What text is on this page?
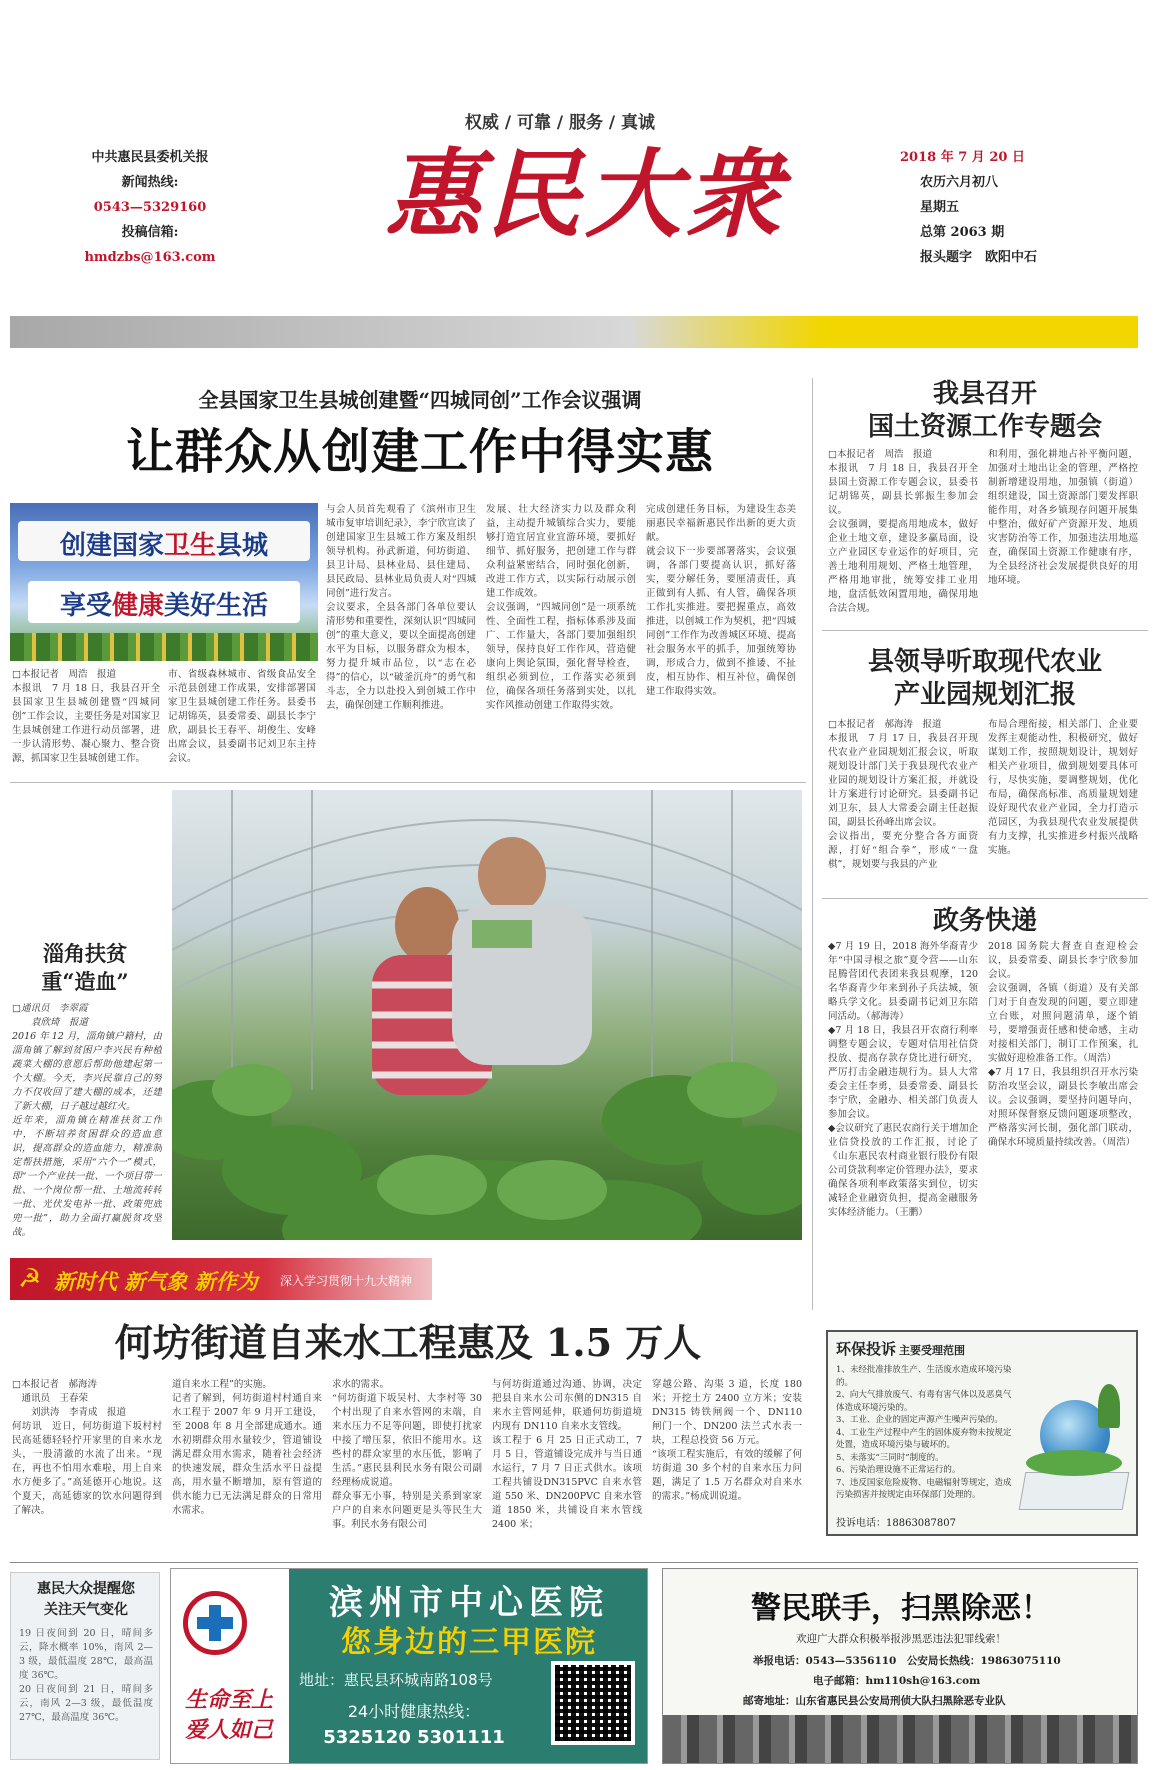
权威 / 可靠 / 服务 / 真诚
中共惠民县委机关报
新闻热线:
0543—5329160
投稿信箱:
hmdzbs@163.com
惠民大衆	2018 年 7 月 20 日
农历六月初八
星期五
总第 2063 期
报头题字　欧阳中石
全县国家卫生县城创建暨“四城同创”工作会议强调
让群众从创建工作中得实惠
创建国家卫生县城
享受健康美好生活
□本报记者　周浩　报道
本报讯　7 月 18 日，我县召开全县国家卫生县城创建暨“四城同创”工作会议，主要任务是对国家卫生县城创建工作进行动员部署，进一步认清形势、凝心聚力、整合资源，抓国家卫生县城创建工作。
市、省级森林城市、省级食品安全示范县创建工作成果，安排部署国家卫生县城创建工作任务。县委书记胡锦英，县委常委、副县长李宁欣，副县长王春平、胡俊生、安峰出席会议，县委副书记刘卫东主持会议。
与会人员首先观看了《滨州市卫生城市复审培训纪录》，李宁欣宣读了创建国家卫生县城工作方案及组织领导机构。孙武新道，何坊街道、县卫计局、县林业局、县住建局、县民政局、县林业局负责人对“四城同创”进行发言。
会议要求，全县各部门各单位要认清形势和重要性，深刻认识“四城同创”的重大意义，要以全面提高创建水平为目标，以服务群众为根本，努力提升城市品位，以“志在必得”的信心，以“破釜沉舟”的勇气和斗志，全力以赴投入到创城工作中去，确保创建工作顺利推进。
发展、壮大经济实力以及群众利益，主动提升城镇综合实力，要能够打造宜居宜业宜游环境，要抓好细节、抓好服务，把创建工作与群众利益紧密结合，同时强化创新，改进工作方式，以实际行动展示创建工作成效。
会议强调，“四城同创”是一项系统性、全面性工程，指标体系涉及面广、工作量大，各部门要加强组织领导，保持良好工作作风，营造健康向上舆论氛围，强化督导检查，组织必须到位，工作落实必须到位，确保各项任务落到实处，以扎实作风推动创建工作取得实效。
完成创建任务目标，为建设生态美丽惠民幸福新惠民作出新的更大贡献。
就会议下一步要部署落实，会议强调，各部门要提高认识，抓好落实，要分解任务，要厘清责任，真正做到有人抓、有人管，确保各项工作扎实推进。要把握重点，高效推进，以创城工作为契机，把“四城同创”工作作为改善城区环境、提高社会服务水平的抓手，加强统筹协调，形成合力，做到不推诿、不扯皮，相互协作、相互补位，确保创建工作取得实效。
我县召开
国土资源工作专题会
□本报记者　周浩　报道
本报讯　7 月 18 日，我县召开全县国土资源工作专题会议，县委书记胡锦英，副县长郭振生参加会议。
会议强调，要提高用地成本，做好企业土地文章，建设多赢局面，设立产业园区专业运作的好项目，完善土地利用规划、严格土地管理，严格用地审批，统筹安排工业用地，盘活低效闲置用地，确保用地合法合规。
和利用，强化耕地占补平衡问题，加强对土地出让金的管理，严格控制新增建设用地，加强镇（街道）组织建设，国土资源部门要发挥职能作用，对各乡镇现存问题开展集中整治，做好矿产资源开发、地质灾害防治等工作，加强违法用地巡查，确保国土资源工作健康有序，为全县经济社会发展提供良好的用地环境。
县领导听取现代农业
产业园规划汇报
□本报记者　郝海涛　报道
本报讯　7 月 17 日，我县召开现代农业产业园规划汇报会议，听取规划设计部门关于我县现代农业产业园的规划设计方案汇报，并就设计方案进行讨论研究。县委副书记刘卫东，县人大常委会副主任赵振国，副县长孙峰出席会议。
会议指出，要充分整合各方面资源，打好“组合拳”，形成“一盘棋”，规划要与我县的产业
布局合理衔接，相关部门、企业要发挥主观能动性，积极研究，做好谋划工作，按照规划设计，规划好相关产业项目，做到规划要具体可行，尽快实施，要调整规划，优化布局，确保高标准、高质量规划建设好现代农业产业园，全力打造示范园区，为我县现代农业发展提供有力支撑，扎实推进乡村振兴战略实施。
政务快递
◆7 月 19 日，2018 海外华裔青少年“中国寻根之旅”夏令营——山东昆腾营团代表团来我县观摩，120 名华裔青少年来到孙子兵法城，领略兵学文化。县委副书记刘卫东陪同活动。（郝海涛）
◆7 月 18 日，我县召开农商行利率调整专题会议，专题对信用社信贷投放、提高存款存贷比进行研究，严厉打击金融违规行为。县人大常委会主任李勇，县委常委、副县长李宁欣，金融办、相关部门负责人参加会议。
◆会议研究了惠民农商行关于增加企业信贷投放的工作汇报，讨论了《山东惠民农村商业银行股份有限公司贷款利率定价管理办法》，要求确保各项利率政策落实到位，切实减轻企业融资负担，提高金融服务实体经济能力。（王鹏）
2018 国务院大督查自查迎检会议，县委常委、副县长李宁欣参加会议。
会议强调，各镇（街道）及有关部门对于自查发现的问题，要立即建立台账，对照问题清单，逐个销号，要增强责任感和使命感，主动对接相关部门，制订工作预案，扎实做好迎检准备工作。（周浩）
◆7 月 17 日，我县组织召开水污染防治攻坚会议，副县长李敏出席会议。会议强调，要坚持问题导向，对照环保督察反馈问题逐项整改，严格落实河长制，强化部门联动，确保水环境质量持续改善。（周浩）
淄角扶贫
重“造血”
□通讯员　李翠霞
　　袁欣琦　报道
2016 年 12 月，淄角镇户籍村，由淄角镇了解到贫困户李兴民有种植蔬菜大棚的意愿后帮助他建起第一个大棚。今天，李兴民靠自己的努力不仅收回了建大棚的成本，还建了新大棚，日子越过越红火。
近年来，淄角镇在精准扶贫工作中，不断培养贫困群众的造血意识，提高群众的造血能力，精准制定帮扶措施，采用“六个一”模式，即“一个产业扶一批、一个项目带一批、一个岗位帮一批、土地流转转一批、光伏发电补一批、政策兜底兜一批”，助力全面打赢脱贫攻坚战。
☭ 新时代 新气象 新作为 深入学习贯彻十九大精神
何坊街道自来水工程惠及 1.5 万人
□本报记者　郝海涛
　通讯员　王春荣
　　刘洪涛　李青成　报道
何坊讯　近日，何坊街道下坂村村民高延德轻轻拧开家里的自来水龙头，一股清澈的水流了出来。“现在，再也不怕用水难啦，用上自来水方便多了。”高延德开心地说。这个夏天，高延德家的饮水问题得到了解决。
道自来水工程”的实施。
记者了解到，何坊街道村村通自来水工程于 2007 年 9 月开工建设，至 2008 年 8 月全部建成通水。通水初期群众用水量较少，管道铺设满足群众用水需求，随着社会经济的快速发展，群众生活水平日益提高，用水量不断增加，原有管道的供水能力已无法满足群众的日常用水需求。
求水的需求。
“何坊街道下坂吴村、大李村等 30 个村出现了自来水管网的末端，自来水压力不足等问题，即使打扰家中接了增压泵，依旧不能用水。这些村的群众家里的水压低，影响了生活。”惠民县利民水务有限公司副经理杨成说道。
群众事无小事，特别是关系到家家户户的自来水问题更是头等民生大事。利民水务有限公司
与何坊街道通过沟通、协调，决定把县自来水公司东侧的DN315 自来水主管网延伸，联通何坊街道境内现有 DN110 自来水支管线。
该工程于 6 月 25 日正式动工，7 月 5 日，管道铺设完成并与当日通水运行，7 月 7 日正式供水。该项工程共铺设DN315PVC 自来水管道 550 米、DN200PVC 自来水管道 1850 米，共铺设自来水管线 2400 米；
穿越公路、沟渠 3 道，长度 180 米；开挖土方 2400 立方米；安装 DN315 铸铁闸阀一个、DN110 闸门一个、DN200 法兰式水表一块，工程总投资 56 万元。
“该项工程实施后，有效的缓解了何坊街道 30 多个村的自来水压力问题，满足了 1.5 万名群众对自来水的需求。”杨成训说道。
环保投诉 主要受理范围
1、未经批准排放生产、生活废水造成环境污染的。
2、向大气排放废气、有毒有害气体以及恶臭气体造成环境污染的。
3、工业、企业的固定声源产生噪声污染的。
4、工业生产过程中产生的固体废弃物未按规定处置，造成环境污染与破坏的。
5、未落实“三同时”制度的。
6、污染治理设施不正常运行的。
7、违反国家危险废物、电磁辐射等规定，造成污染损害并按规定由环保部门处理的。
投诉电话：18863087807
惠民大众提醒您
关注天气变化
19 日夜间到 20 日，晴间多云，降水概率 10%，南风 2—3 级，最低温度 28℃，最高温度 36℃。
20 日夜间到 21 日，晴间多云，南风 2—3 级，最低温度 27℃，最高温度 36℃。
生命至上
爱人如己
滨州市中心医院
您身边的三甲医院
地址：惠民县环城南路108号
24小时健康热线：
5325120 5301111
警民联手，扫黑除恶！
欢迎广大群众积极举报涉黑恶违法犯罪线索！
举报电话：0543—5356110　公安局长热线：19863075110
电子邮箱：hm110sh@163.com
邮寄地址：山东省惠民县公安局刑侦大队扫黑除恶专业队
